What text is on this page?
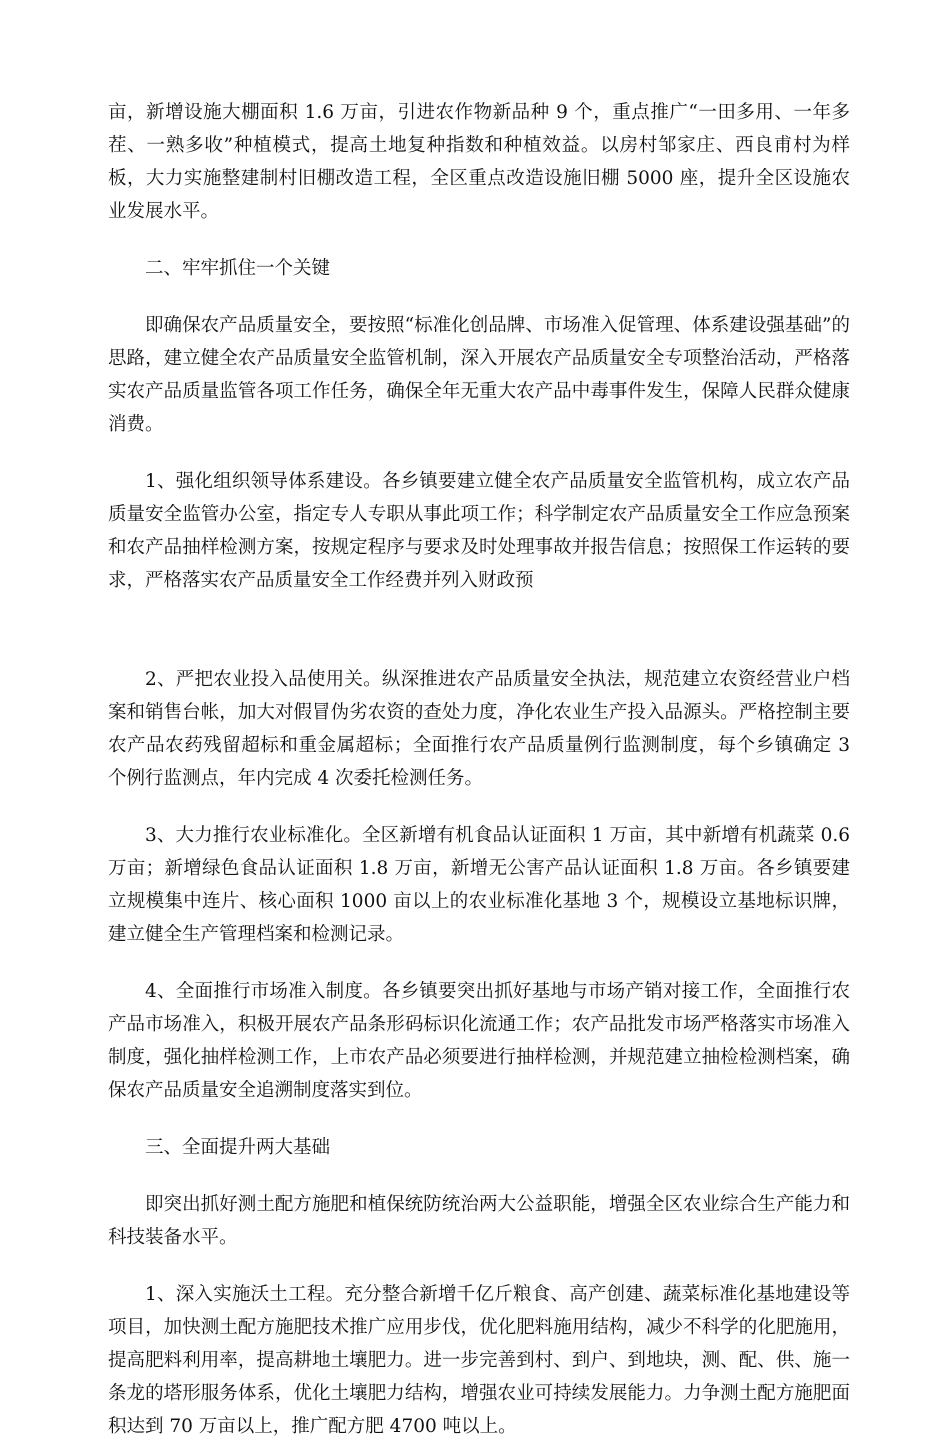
亩，新增设施大棚面积 1.6 万亩，引进农作物新品种 9 个，重点推广“一田多用、一年多茬、一熟多收”种植模式，提高土地复种指数和种植效益。以房村邹家庄、西良甫村为样板，大力实施整建制村旧棚改造工程，全区重点改造设施旧棚 5000 座，提升全区设施农业发展水平。

二、牢牢抓住一个关键

即确保农产品质量安全，要按照“标准化创品牌、市场准入促管理、体系建设强基础”的思路，建立健全农产品质量安全监管机制，深入开展农产品质量安全专项整治活动，严格落实农产品质量监管各项工作任务，确保全年无重大农产品中毒事件发生，保障人民群众健康消费。

1、强化组织领导体系建设。各乡镇要建立健全农产品质量安全监管机构，成立农产品质量安全监管办公室，指定专人专职从事此项工作；科学制定农产品质量安全工作应急预案和农产品抽样检测方案，按规定程序与要求及时处理事故并报告信息；按照保工作运转的要求，严格落实农产品质量安全工作经费并列入财政预

2、严把农业投入品使用关。纵深推进农产品质量安全执法，规范建立农资经营业户档案和销售台帐，加大对假冒伪劣农资的查处力度，净化农业生产投入品源头。严格控制主要农产品农药残留超标和重金属超标；全面推行农产品质量例行监测制度，每个乡镇确定 3 个例行监测点，年内完成 4 次委托检测任务。

3、大力推行农业标准化。全区新增有机食品认证面积 1 万亩，其中新增有机蔬菜 0.6 万亩；新增绿色食品认证面积 1.8 万亩，新增无公害产品认证面积 1.8 万亩。各乡镇要建立规模集中连片、核心面积 1000 亩以上的农业标准化基地 3 个，规模设立基地标识牌，建立健全生产管理档案和检测记录。

4、全面推行市场准入制度。各乡镇要突出抓好基地与市场产销对接工作，全面推行农产品市场准入，积极开展农产品条形码标识化流通工作；农产品批发市场严格落实市场准入制度，强化抽样检测工作，上市农产品必须要进行抽样检测，并规范建立抽检检测档案，确保农产品质量安全追溯制度落实到位。

三、全面提升两大基础

即突出抓好测土配方施肥和植保统防统治两大公益职能，增强全区农业综合生产能力和科技装备水平。

1、深入实施沃土工程。充分整合新增千亿斤粮食、高产创建、蔬菜标准化基地建设等项目，加快测土配方施肥技术推广应用步伐，优化肥料施用结构，减少不科学的化肥施用，提高肥料利用率，提高耕地土壤肥力。进一步完善到村、到户、到地块，测、配、供、施一条龙的塔形服务体系，优化土壤肥力结构，增强农业可持续发展能力。力争测土配方施肥面积达到 70 万亩以上，推广配方肥 4700 吨以上。
